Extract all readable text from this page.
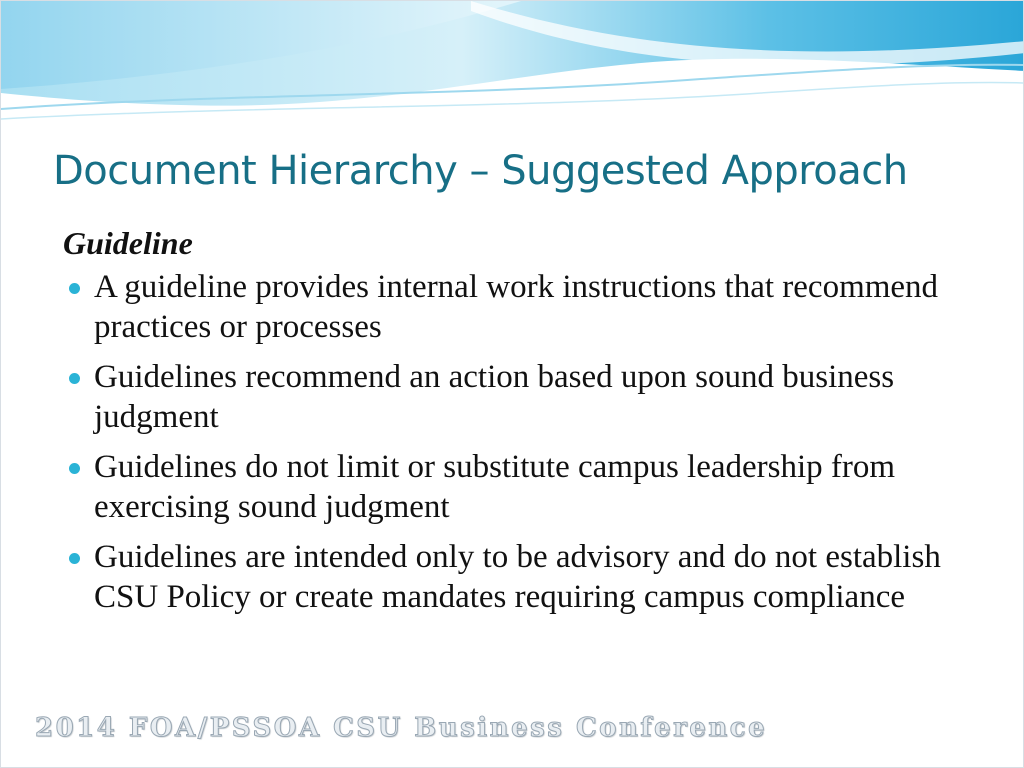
Document Hierarchy – Suggested Approach
Guideline
A guideline provides internal work instructions that recommend practices or processes
Guidelines recommend an action based upon sound business judgment
Guidelines do not limit or substitute campus leadership from exercising sound judgment
Guidelines are intended only to be advisory and do not establish CSU Policy or create mandates requiring campus compliance
2014 FOA/PSSOA CSU Business Conference
